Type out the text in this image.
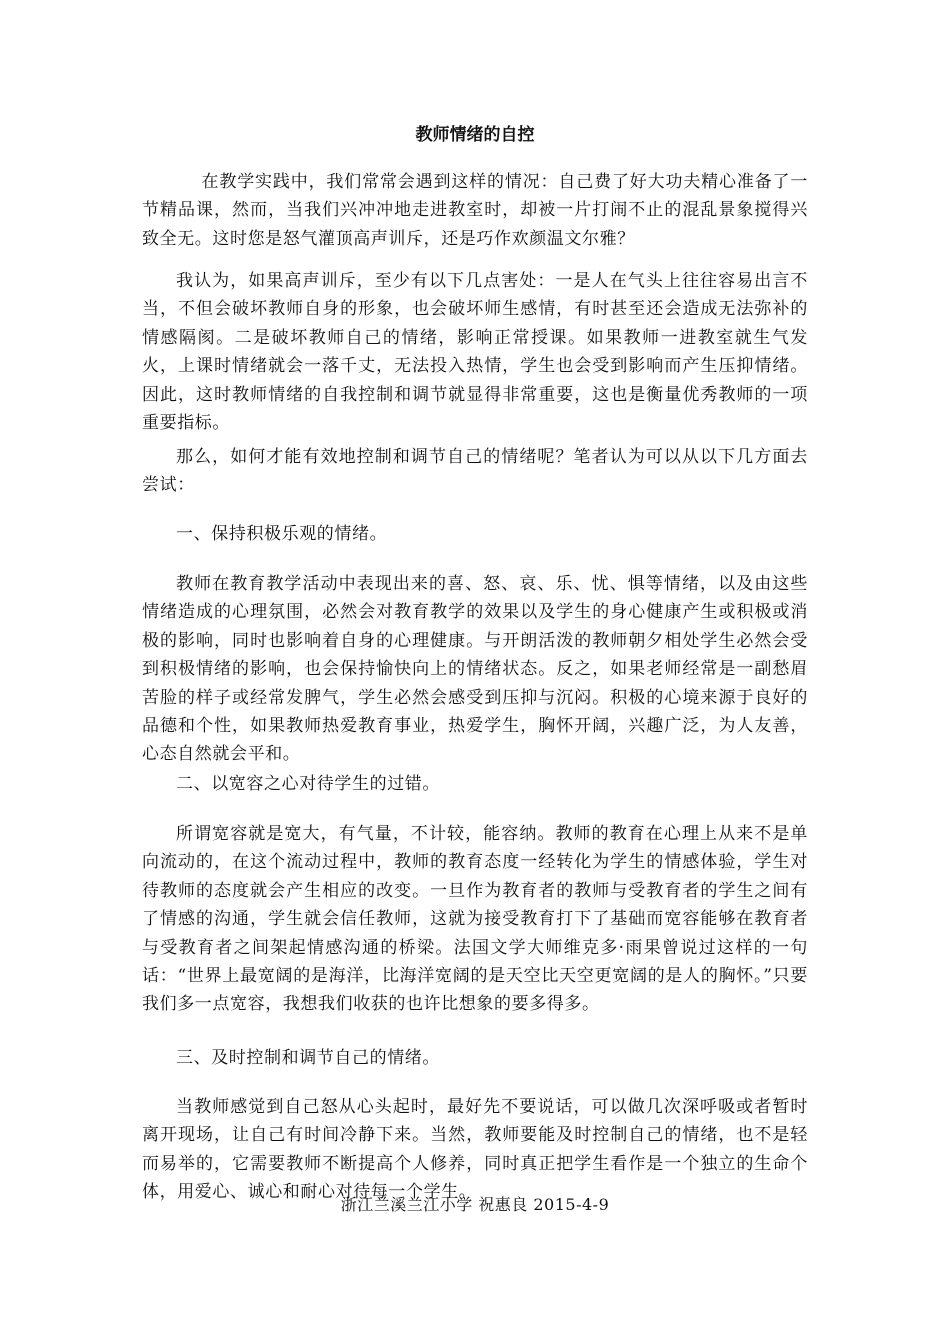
教师情绪的自控

在教学实践中，我们常常会遇到这样的情况：自己费了好大功夫精心准备了一节精品课，然而，当我们兴冲冲地走进教室时，却被一片打闹不止的混乱景象搅得兴致全无。这时您是怒气灌顶高声训斥，还是巧作欢颜温文尔雅？

我认为，如果高声训斥，至少有以下几点害处：一是人在气头上往往容易出言不当，不但会破坏教师自身的形象，也会破坏师生感情，有时甚至还会造成无法弥补的情感隔阂。二是破坏教师自己的情绪，影响正常授课。如果教师一进教室就生气发火，上课时情绪就会一落千丈，无法投入热情，学生也会受到影响而产生压抑情绪。因此，这时教师情绪的自我控制和调节就显得非常重要，这也是衡量优秀教师的一项重要指标。

那么，如何才能有效地控制和调节自己的情绪呢？笔者认为可以从以下几方面去尝试：

一、保持积极乐观的情绪。

教师在教育教学活动中表现出来的喜、怒、哀、乐、忧、惧等情绪，以及由这些情绪造成的心理氛围，必然会对教育教学的效果以及学生的身心健康产生或积极或消极的影响，同时也影响着自身的心理健康。与开朗活泼的教师朝夕相处学生必然会受到积极情绪的影响，也会保持愉快向上的情绪状态。反之，如果老师经常是一副愁眉苦脸的样子或经常发脾气，学生必然会感受到压抑与沉闷。积极的心境来源于良好的品德和个性，如果教师热爱教育事业，热爱学生，胸怀开阔，兴趣广泛，为人友善，心态自然就会平和。

二、以宽容之心对待学生的过错。

所谓宽容就是宽大，有气量，不计较，能容纳。教师的教育在心理上从来不是单向流动的，在这个流动过程中，教师的教育态度一经转化为学生的情感体验，学生对待教师的态度就会产生相应的改变。一旦作为教育者的教师与受教育者的学生之间有了情感的沟通，学生就会信任教师，这就为接受教育打下了基础而宽容能够在教育者与受教育者之间架起情感沟通的桥梁。法国文学大师维克多·雨果曾说过这样的一句话：“世界上最宽阔的是海洋，比海洋宽阔的是天空比天空更宽阔的是人的胸怀。”只要我们多一点宽容，我想我们收获的也许比想象的要多得多。

三、及时控制和调节自己的情绪。

当教师感觉到自己怒从心头起时，最好先不要说话，可以做几次深呼吸或者暂时离开现场，让自己有时间冷静下来。当然，教师要能及时控制自己的情绪，也不是轻而易举的，它需要教师不断提高个人修养，同时真正把学生看作是一个独立的生命个体，用爱心、诚心和耐心对待每一个学生。

浙江兰溪兰江小学 祝惠良 2015-4-9
